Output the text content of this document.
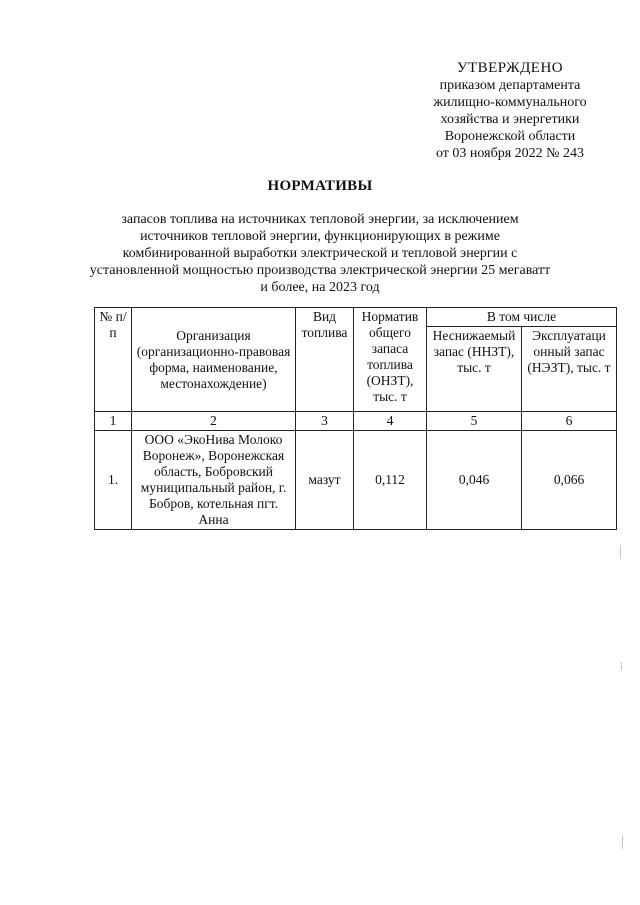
УТВЕРЖДЕНО
приказом департамента
жилищно-коммунального
хозяйства и энергетики
Воронежской области
от 03 ноября 2022 № 243
НОРМАТИВЫ
запасов топлива на источниках тепловой энергии, за исключением
источников тепловой энергии, функционирующих в режиме
комбинированной выработки электрической и тепловой энергии с
установленной мощностью производства электрической энергии 25 мегаватт
и более, на 2023 год
№ п/п	Организация (организационно-правовая форма, наименование, местонахождение)	Вид топлива	Норматив общего запаса топлива (ОНЗТ), тыс. т	В том числе	
				Неснижаемый запас (ННЗТ), тыс. т	Эксплуатаци онный запас (НЭЗТ), тыс. т
1	2	3	4	5	6
1.	ООО «ЭкоНива Молоко Воронеж», Воронежская область, Бобровский муниципальный район, г. Бобров, котельная пгт. Анна	мазут	0,112	0,046	0,066
